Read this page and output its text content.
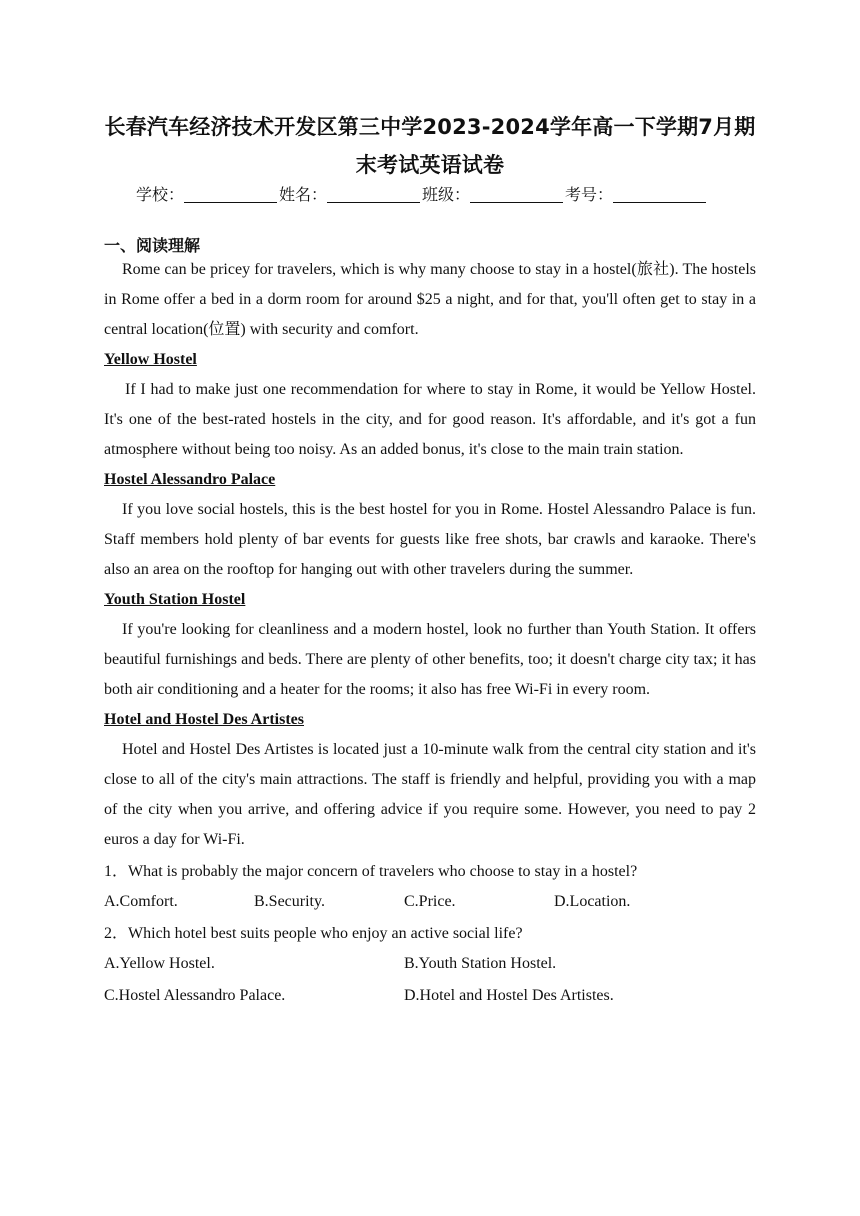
长春汽车经济技术开发区第三中学2023-2024学年高一下学期7月期末考试英语试卷
学校：	姓名：	班级：	考号：
一、阅读理解

Rome can be pricey for travelers, which is why many choose to stay in a hostel(旅社). The hostels in Rome offer a bed in a dorm room for around $25 a night, and for that, you'll often get to stay in a central location(位置) with security and comfort.

Yellow Hostel

If I had to make just one recommendation for where to stay in Rome, it would be Yellow Hostel. It's one of the best-rated hostels in the city, and for good reason. It's affordable, and it's got a fun atmosphere without being too noisy. As an added bonus, it's close to the main train station.

Hostel Alessandro Palace

If you love social hostels, this is the best hostel for you in Rome. Hostel Alessandro Palace is fun. Staff members hold plenty of bar events for guests like free shots, bar crawls and karaoke. There's also an area on the rooftop for hanging out with other travelers during the summer.

Youth Station Hostel

If you're looking for cleanliness and a modern hostel, look no further than Youth Station. It offers beautiful furnishings and beds. There are plenty of other benefits, too; it doesn't charge city tax; it has both air conditioning and a heater for the rooms; it also has free Wi-Fi in every room.

Hotel and Hostel Des Artistes

Hotel and Hostel Des Artistes is located just a 10-minute walk from the central city station and it's close to all of the city's main attractions. The staff is friendly and helpful, providing you with a map of the city when you arrive, and offering advice if you require some. However, you need to pay 2 euros a day for Wi-Fi.

1．What is probably the major concern of travelers who choose to stay in a hostel?

A.Comfort.	B.Security.	C.Price.	D.Location.

2．Which hotel best suits people who enjoy an active social life?

A.Yellow Hostel.	B.Youth Station Hostel.
C.Hostel Alessandro Palace.	D.Hotel and Hostel Des Artistes.
